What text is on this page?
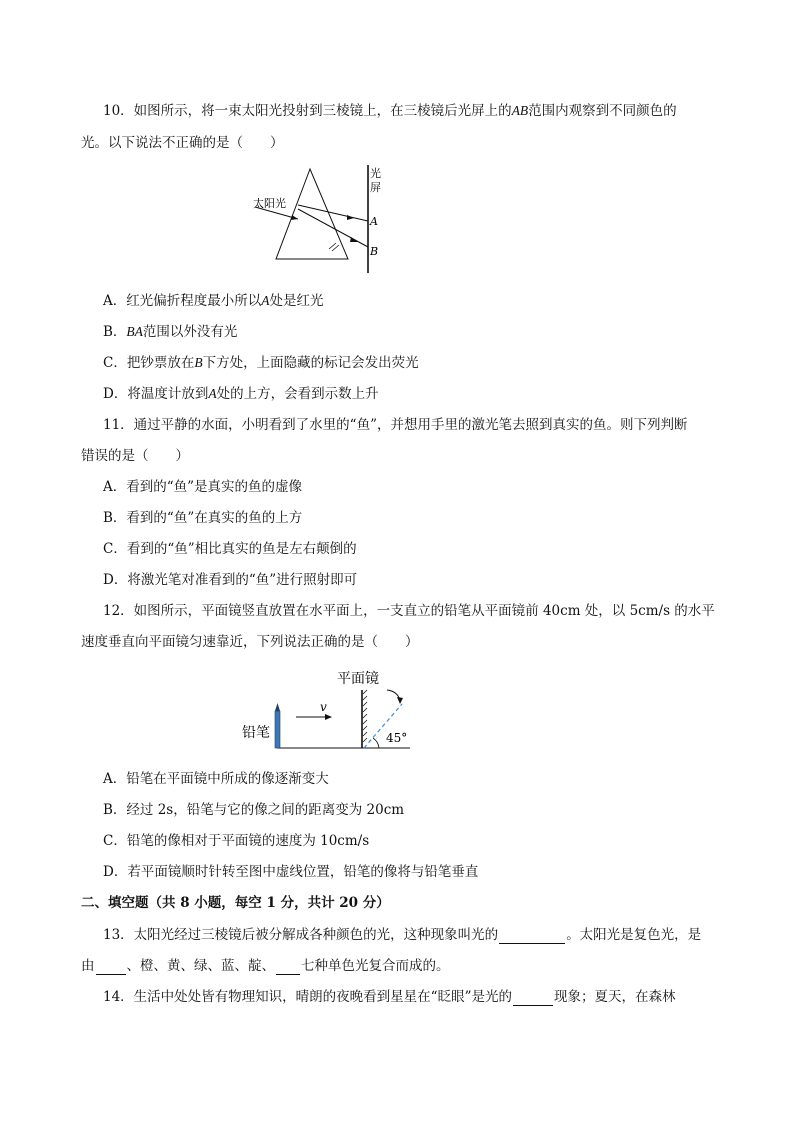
10．如图所示，将一束太阳光投射到三棱镜上，在三棱镜后光屏上的AB范围内观察到不同颜色的
光。以下说法不正确的是（　　）
太阳光
光
屏
A
B
A．红光偏折程度最小所以A处是红光
B．BA范围以外没有光
C．把钞票放在B下方处，上面隐藏的标记会发出荧光
D．将温度计放到A处的上方，会看到示数上升
11．通过平静的水面，小明看到了水里的“鱼”，并想用手里的激光笔去照到真实的鱼。则下列判断
错误的是（　　）
A．看到的“鱼”是真实的鱼的虚像
B．看到的“鱼”在真实的鱼的上方
C．看到的“鱼”相比真实的鱼是左右颠倒的
D．将激光笔对准看到的“鱼”进行照射即可
12．如图所示，平面镜竖直放置在水平面上，一支直立的铅笔从平面镜前 40cm 处，以 5cm/s 的水平
速度垂直向平面镜匀速靠近，下列说法正确的是（　　）
平面镜
45°
铅笔
v
A．铅笔在平面镜中所成的像逐渐变大
B．经过 2s，铅笔与它的像之间的距离变为 20cm
C．铅笔的像相对于平面镜的速度为 10cm/s
D．若平面镜顺时针转至图中虚线位置，铅笔的像将与铅笔垂直
二、填空题（共 8 小题，每空 1 分，共计 20 分）
13．太阳光经过三棱镜后被分解成各种颜色的光，这种现象叫光的	。太阳光是复色光，是
由 、橙、黄、绿、蓝、靛、 七种单色光复合而成的。
14．生活中处处皆有物理知识，晴朗的夜晚看到星星在“眨眼”是光的	现象；夏天，在森林
